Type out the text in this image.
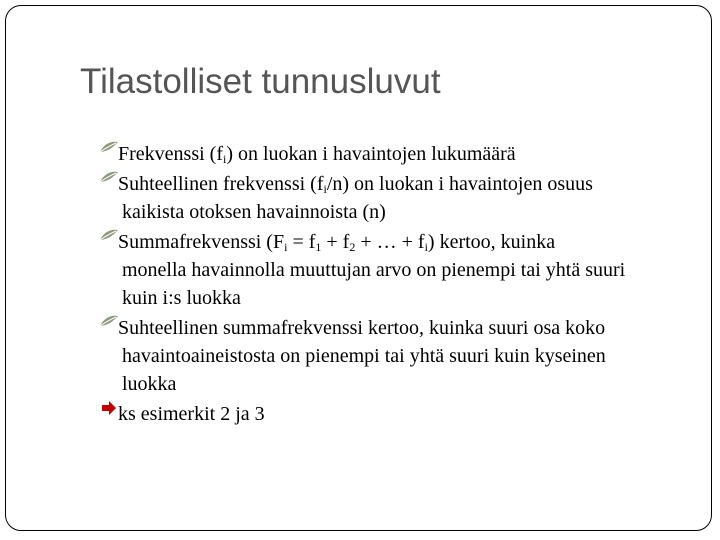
Tilastolliset tunnusluvut
Frekvenssi $(f_i)$ on luokan i havaintojen lukumäärä
Suhteellinen frekvenssi $(f_i/n)$ on luokan i havaintojen osuus
kaikista otoksen havainnoista (n)
Summafrekvenssi ($F_i = f_1 + f_2$ + … + $f_i$) kertoo, kuinka
monella havainnolla muuttujan arvo on pienempi tai yhtä suuri
kuin i:s luokka
Suhteellinen summafrekvenssi kertoo, kuinka suuri osa koko
havaintoaineistosta on pienempi tai yhtä suuri kuin kyseinen
luokka
ks esimerkit 2 ja 3
